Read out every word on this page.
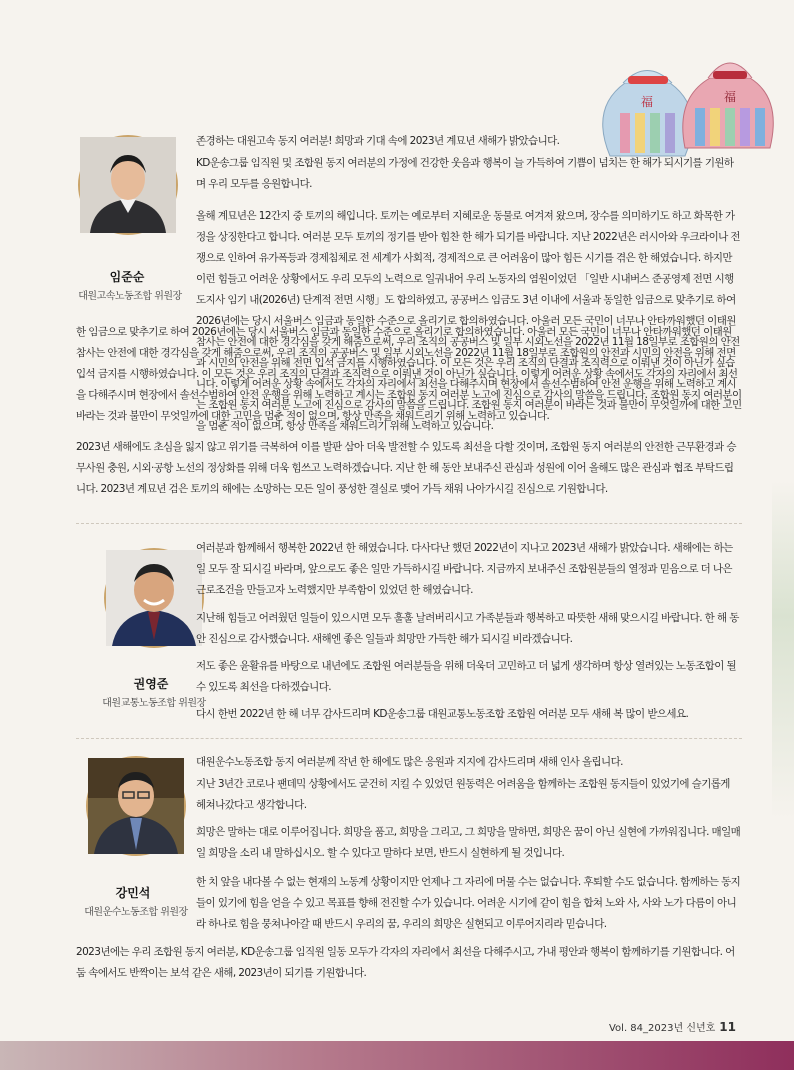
福	福
임준순
대원고속노동조합 위원장

존경하는 대원고속 동지 여러분! 희망과 기대 속에 2023년 계묘년 새해가 밝았습니다.

KD운송그룹 임직원 및 조합원 동지 여러분의 가정에 건강한 웃음과 행복이 늘 가득하여 기쁨이 넘치는 한 해가 되시기를 기원하며 우리 모두를 응원합니다.

올해 계묘년은 12간지 중 토끼의 해입니다. 토끼는 예로부터 지혜로운 동물로 여겨져 왔으며, 장수를 의미하기도 하고 화목한 가정을 상징한다고 합니다. 여러분 모두 토끼의 정기를 받아 힘찬 한 해가 되기를 바랍니다. 지난 2022년은 러시아와 우크라이나 전쟁으로 인하여 유가폭등과 경제침체로 전 세계가 사회적, 경제적으로 큰 어려움이 많아 힘든 시기를 겪은 한 해였습니다. 하지만 이런 힘들고 어려운 상황에서도 우리 모두의 노력으로 일궈내어 우리 노동자의 염원이었던 「일반 시내버스 준공영제 전면 시행 도지사 임기 내(2026년) 단계적 전면 시행」도 합의하였고, 공공버스 임금도 3년 이내에 서울과 동일한 임금으로 맞추기로 하여 2026년에는 당시 서울버스 임금과 동일한 수준으로 올리기로 합의하였습니다. 아울러 모든 국민이 너무나 안타까워했던 이태원 참사는 안전에 대한 경각심을 갖게 해줌으로써, 우리 조직의 공공버스 및 일부 시외노선을 2022년 11월 18일부로 조합원의 안전과 시민의 안전을 위해 전면 입석 금지를 시행하였습니다. 이 모든 것은 우리 조직의 단결과 조직력으로 이뤄낸 것이 아닌가 싶습니다. 이렇게 어려운 상황 속에서도 각자의 자리에서 최선을 다해주시며 현장에서 솔선수범하여 안전 운행을 위해 노력하고 계시는 조합원 동지 여러분 노고에 진심으로 감사의 말씀을 드립니다. 조합원 동지 여러분이 바라는 것과 불만이 무엇일까에 대한 고민을 멈춘 적이 없으며, 항상 만족을 채워드리기 위해 노력하고 있습니다.

한 임금으로 맞추기로 하여 2026년에는 당시 서울버스 임금과 동일한 수준으로 올리기로 합의하였습니다. 아울러 모든 국민이 너무나 안타까워했던 이태원 참사는 안전에 대한 경각심을 갖게 해줌으로써, 우리 조직의 공공버스 및 일부 시외노선을 2022년 11월 18일부로 조합원의 안전과 시민의 안전을 위해 전면 입석 금지를 시행하였습니다. 이 모든 것은 우리 조직의 단결과 조직력으로 이뤄낸 것이 아닌가 싶습니다. 이렇게 어려운 상황 속에서도 각자의 자리에서 최선을 다해주시며 현장에서 솔선수범하여 안전 운행을 위해 노력하고 계시는 조합원 동지 여러분 노고에 진심으로 감사의 말씀을 드립니다. 조합원 동지 여러분이 바라는 것과 불만이 무엇일까에 대한 고민을 멈춘 적이 없으며, 항상 만족을 채워드리기 위해 노력하고 있습니다.

2023년 새해에도 초심을 잃지 않고 위기를 극복하여 이를 발판 삼아 더욱 발전할 수 있도록 최선을 다할 것이며, 조합원 동지 여러분의 안전한 근무환경과 승무사원 충원, 시외·공항 노선의 정상화를 위해 더욱 힘쓰고 노력하겠습니다. 지난 한 해 동안 보내주신 관심과 성원에 이어 올해도 많은 관심과 협조 부탁드립니다. 2023년 계묘년 검은 토끼의 해에는 소망하는 모든 일이 풍성한 결실로 맺어 가득 채워 나아가시길 진심으로 기원합니다.

권영준
대원교통노동조합 위원장

여러분과 함께해서 행복한 2022년 한 해였습니다. 다사다난 했던 2022년이 지나고 2023년 새해가 밝았습니다. 새해에는 하는 일 모두 잘 되시길 바라며, 앞으로도 좋은 일만 가득하시길 바랍니다. 지금까지 보내주신 조합원분들의 열정과 믿음으로 더 나은 근로조건을 만들고자 노력했지만 부족함이 있었던 한 해였습니다.

지난해 힘들고 어려웠던 일들이 있으시면 모두 훌훌 날려버리시고 가족분들과 행복하고 따뜻한 새해 맞으시길 바랍니다. 한 해 동안 진심으로 감사했습니다. 새해엔 좋은 일들과 희망만 가득한 해가 되시길 비라겠습니다.

저도 좋은 윤활유를 바탕으로 내년에도 조합원 여러분들을 위해 더욱더 고민하고 더 넓게 생각하며 항상 열려있는 노동조합이 될 수 있도록 최선을 다하겠습니다.

다시 한번 2022년 한 해 너무 감사드리며 KD운송그룹 대원교통노동조합 조합원 여러분 모두 새해 복 많이 받으세요.

강민석
대원운수노동조합 위원장

대원운수노동조합 동지 여러분께 작년 한 해에도 많은 응원과 지지에 감사드리며 새해 인사 올립니다.

지난 3년간 코로나 팬데믹 상황에서도 굳건히 지킬 수 있었던 원동력은 어려움을 함께하는 조합원 동지들이 있었기에 슬기롭게 헤쳐나갔다고 생각합니다.

희망은 말하는 대로 이루어집니다. 희망을 품고, 희망을 그리고, 그 희망을 말하면, 희망은 꿈이 아닌 실현에 가까워집니다. 매일매일 희망을 소리 내 말하십시오. 할 수 있다고 말하다 보면, 반드시 실현하게 될 것입니다.

한 치 앞을 내다볼 수 없는 현재의 노동계 상황이지만 언제나 그 자리에 머물 수는 없습니다. 후퇴할 수도 없습니다. 함께하는 동지들이 있기에 힘을 얻을 수 있고 목표를 향해 전진할 수가 있습니다. 어려운 시기에 같이 힘을 합쳐 노와 사, 사와 노가 다름이 아니라 하나로 힘을 뭉쳐나아갈 때 반드시 우리의 꿈, 우리의 희망은 실현되고 이루어지리라 믿습니다.

2023년에는 우리 조합원 동지 여러분, KD운송그룹 임직원 일동 모두가 각자의 자리에서 최선을 다해주시고, 가내 평안과 행복이 함께하기를 기원합니다. 어둠 속에서도 반짝이는 보석 같은 새해, 2023년이 되기를 기원합니다.

Vol. 84_2023년 신년호 11
